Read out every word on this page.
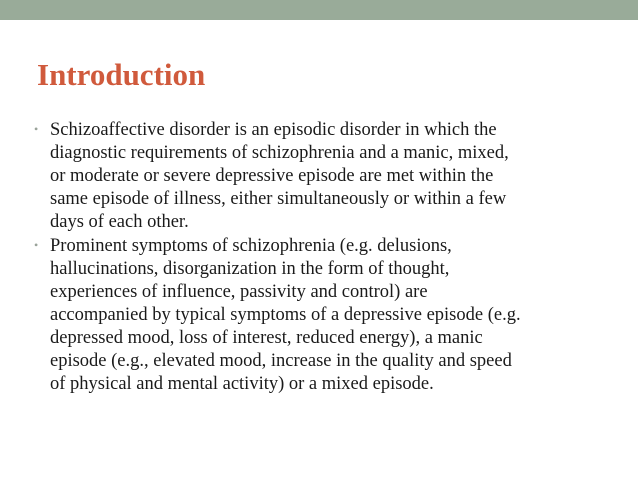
Introduction
• Schizoaffective disorder is an episodic disorder in which the
diagnostic requirements of schizophrenia and a manic, mixed,
or moderate or severe depressive episode are met within the
same episode of illness, either simultaneously or within a few
days of each other.
• Prominent symptoms of schizophrenia (e.g. delusions,
hallucinations, disorganization in the form of thought,
experiences of influence, passivity and control) are
accompanied by typical symptoms of a depressive episode (e.g.
depressed mood, loss of interest, reduced energy), a manic
episode (e.g., elevated mood, increase in the quality and speed
of physical and mental activity) or a mixed episode.
